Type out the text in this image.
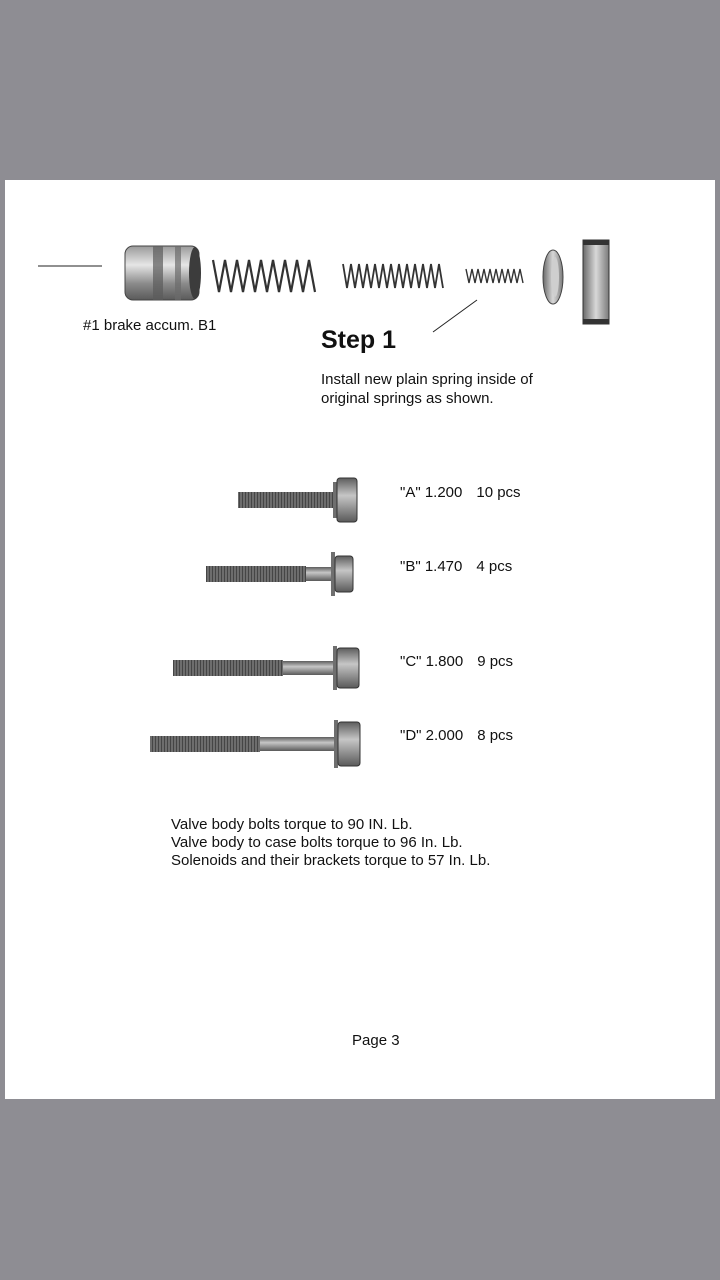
#1 brake accum. B1
Step 1
Install new plain spring inside of
original springs as shown.
"A" 1.200 10 pcs
"B" 1.470 4 pcs
"C" 1.800 9 pcs
"D" 2.000 8 pcs
Valve body bolts torque to 90 IN. Lb.
Valve body to case bolts torque to 96 In. Lb.
Solenoids and their brackets torque to 57 In. Lb.
Page 3
